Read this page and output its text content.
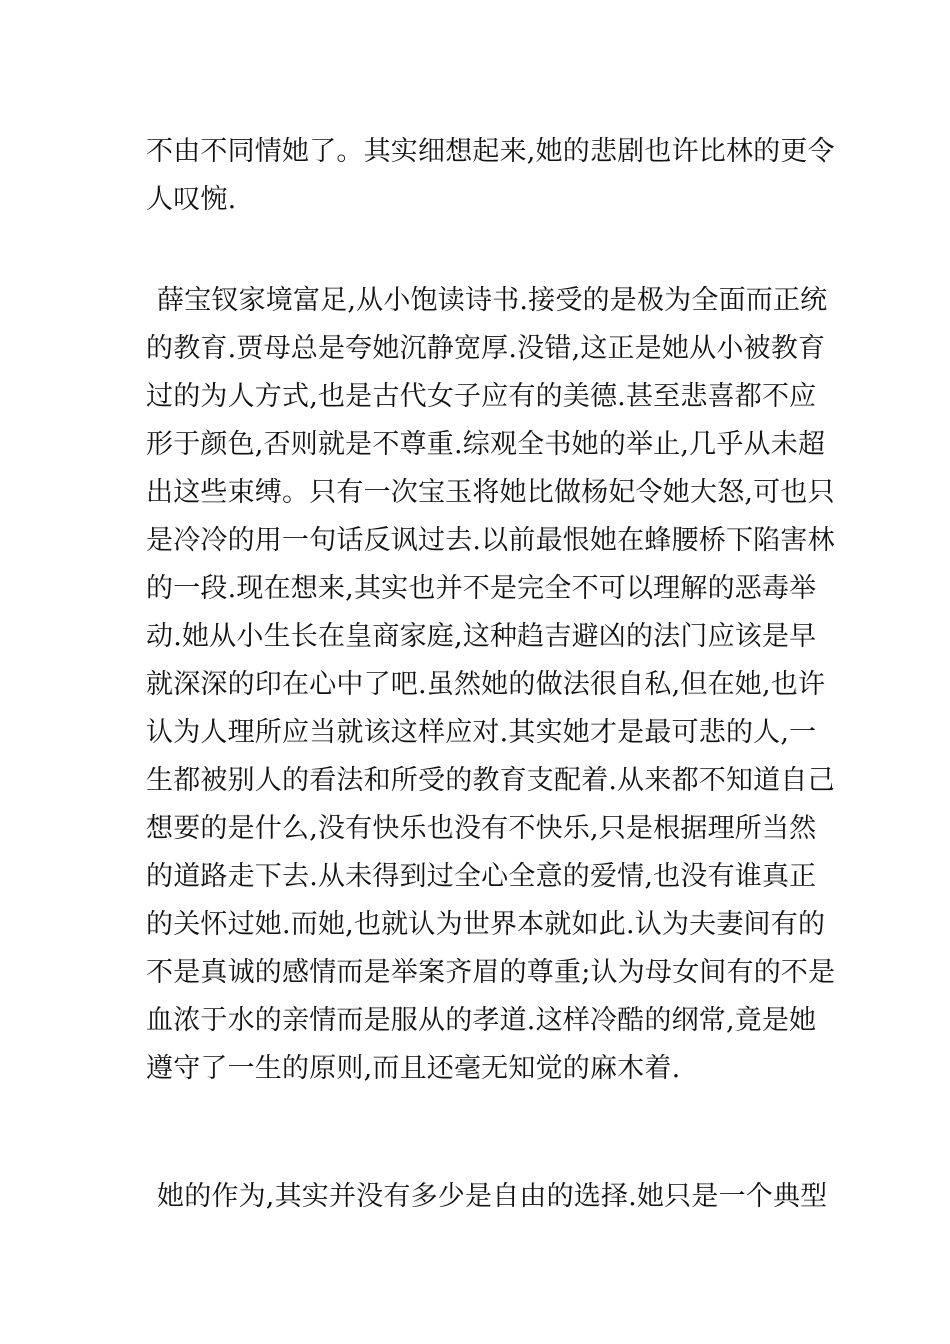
不由不同情她了。其实细想起来,她的悲剧也许比林的更令
人叹惋.
薛宝钗家境富足,从小饱读诗书.接受的是极为全面而正统
的教育.贾母总是夸她沉静宽厚.没错,这正是她从小被教育
过的为人方式,也是古代女子应有的美德.甚至悲喜都不应
形于颜色,否则就是不尊重.综观全书她的举止,几乎从未超
出这些束缚。只有一次宝玉将她比做杨妃令她大怒,可也只
是冷冷的用一句话反讽过去.以前最恨她在蜂腰桥下陷害林
的一段.现在想来,其实也并不是完全不可以理解的恶毒举
动.她从小生长在皇商家庭,这种趋吉避凶的法门应该是早
就深深的印在心中了吧.虽然她的做法很自私,但在她,也许
认为人理所应当就该这样应对.其实她才是最可悲的人,一
生都被别人的看法和所受的教育支配着.从来都不知道自己
想要的是什么,没有快乐也没有不快乐,只是根据理所当然
的道路走下去.从未得到过全心全意的爱情,也没有谁真正
的关怀过她.而她,也就认为世界本就如此.认为夫妻间有的
不是真诚的感情而是举案齐眉的尊重;认为母女间有的不是
血浓于水的亲情而是服从的孝道.这样冷酷的纲常,竟是她
遵守了一生的原则,而且还毫无知觉的麻木着.
她的作为,其实并没有多少是自由的选择.她只是一个典型
